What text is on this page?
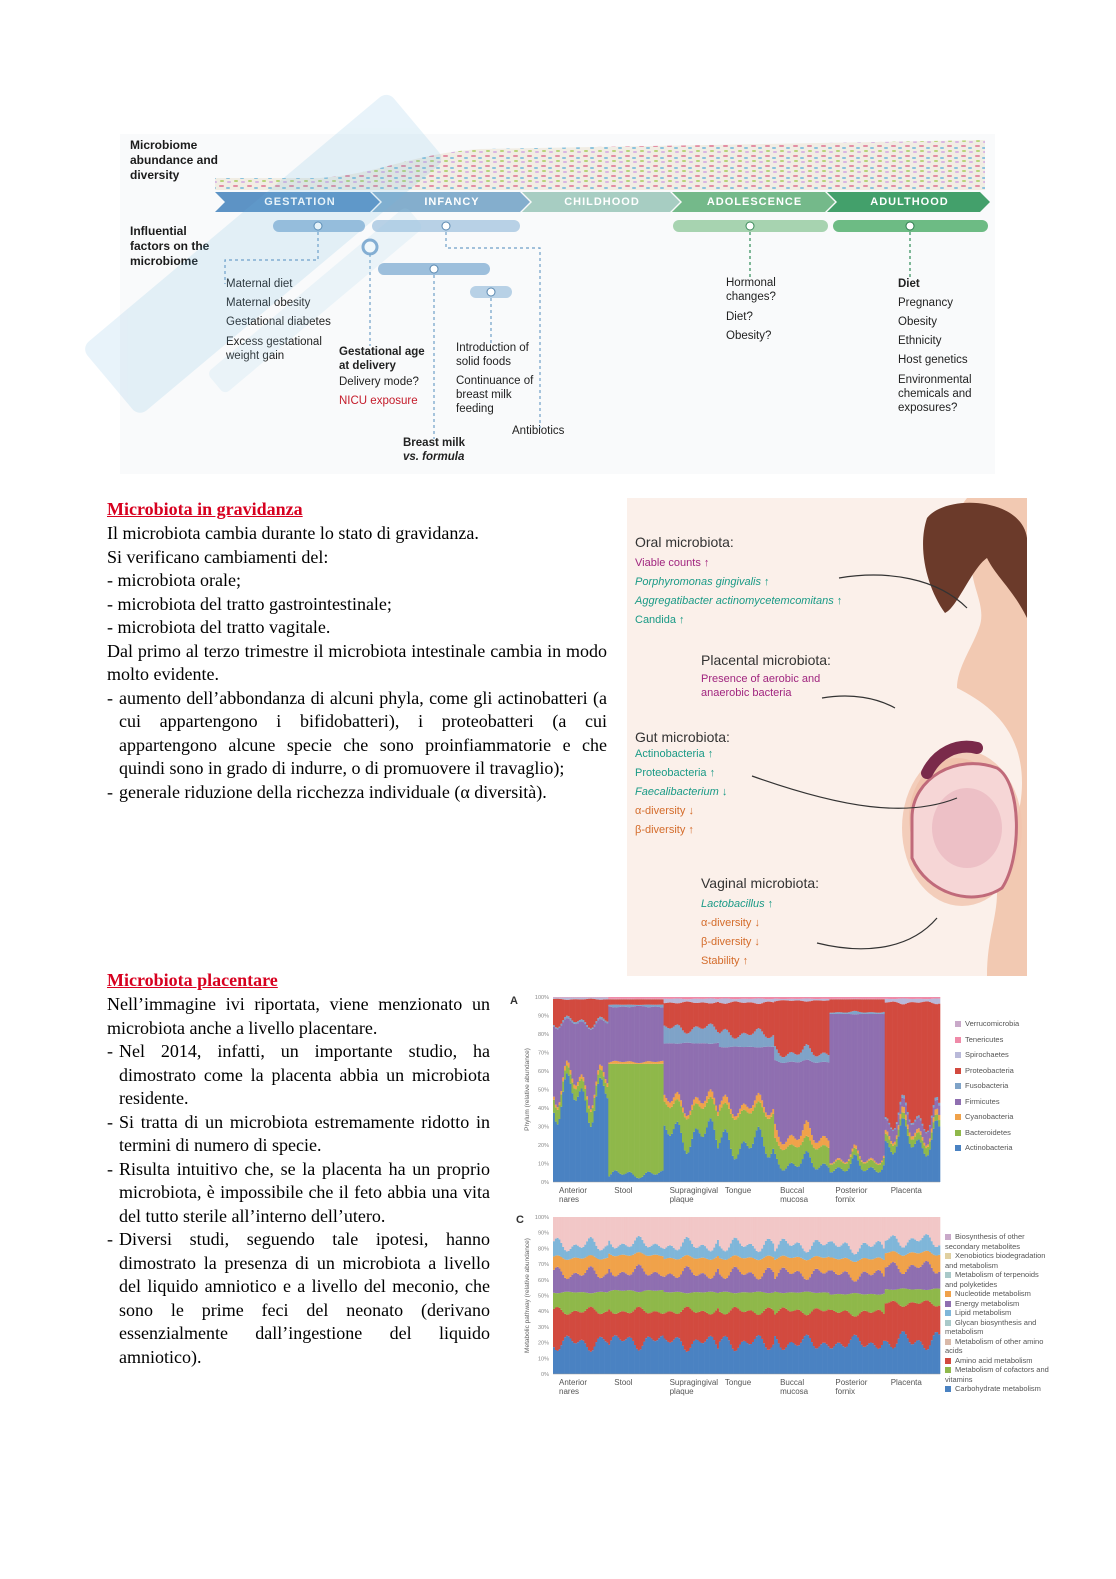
Microbiome abundance and diversity
Influential factors on the microbiome
GESTATION	INFANCY	CHILDHOOD	ADOLESCENCE	ADULTHOOD
Maternal diet
Maternal obesity
Gestational diabetes
Excess gestational weight gain	Gestational age at delivery
Delivery mode?
NICU exposure
Breast milk
vs. formula
Introduction of solid foods
Continuance of breast milk feeding
Antibiotics
Hormonal changes?
Diet?
Obesity?
Diet
Pregnancy
Obesity
Ethnicity
Host genetics
Environmental chemicals and exposures?
Microbiota in gravidanza
Il microbiota cambia durante lo stato di gravidanza.
Si verificano cambiamenti del:
- microbiota orale;
- microbiota del tratto gastrointestinale;
- microbiota del tratto vagitale.
Dal primo al terzo trimestre il microbiota intestinale cambia in modo molto evidente.
- aumento dell’abbondanza di alcuni phyla, come gli actinobatteri (a cui appartengono i bifidobatteri), i proteobatteri (a cui appartengono alcune specie che sono proinfiammatorie e che quindi sono in grado di indurre, o di promuovere il travaglio);
- generale riduzione della ricchezza individuale (α diversità).
Oral microbiota:
Viable counts ↑
Porphyromonas gingivalis ↑
Aggregatibacter actinomycetemcomitans ↑
Candida ↑
Placental microbiota:
Presence of aerobic and anaerobic bacteria
Gut microbiota:
Actinobacteria ↑
Proteobacteria ↑
Faecalibacterium ↓
α-diversity ↓
β-diversity ↑
Vaginal microbiota:
Lactobacillus ↑
α-diversity ↓
β-diversity ↓
Stability ↑
Microbiota placentare
Nell’immagine ivi riportata, viene menzionato un microbiota anche a livello placentare.
- Nel 2014, infatti, un importante studio, ha dimostrato come la placenta abbia un microbiota residente.
- Si tratta di un microbiota estremamente ridotto in termini di numero di specie.
- Risulta intuitivo che, se la placenta ha un proprio microbiota, è impossibile che il feto abbia una vita del tutto sterile all’interno dell’utero.
- Diversi studi, seguendo tale ipotesi, hanno dimostrato la presenza di un microbiota a livello del liquido amniotico e a livello del meconio, che sono le prime feci del neonato (derivano essenzialmente dall’ingestione del liquido amniotico).
A
C
100%
90%
80%
70%
60%
50%
40%
30%
20%
10%
0%
Phylum (relative abundance)
Anterior nares
Stool	Supragingival plaque
Tongue	Buccal mucosa
Posterior fornix
Placenta
100%
90%
80%
70%
60%
50%
40%
30%
20%
10%
0%
Metabolic pathway (relative abundance)
Anterior nares
Stool	Supragingival plaque
Tongue	Buccal mucosa
Posterior fornix
Placenta
Verrucomicrobia
Tenericutes
Spirochaetes
Proteobacteria
Fusobacteria
Firmicutes
Cyanobacteria
Bacteroidetes
Actinobacteria
Biosynthesis of other secondary metabolites
Xenobiotics biodegradation and metabolism
Metabolism of terpenoids and polyketides
Nucleotide metabolism
Energy metabolism
Lipid metabolism
Glycan biosynthesis and metabolism
Metabolism of other amino acids
Amino acid metabolism
Metabolism of cofactors and vitamins
Carbohydrate metabolism
